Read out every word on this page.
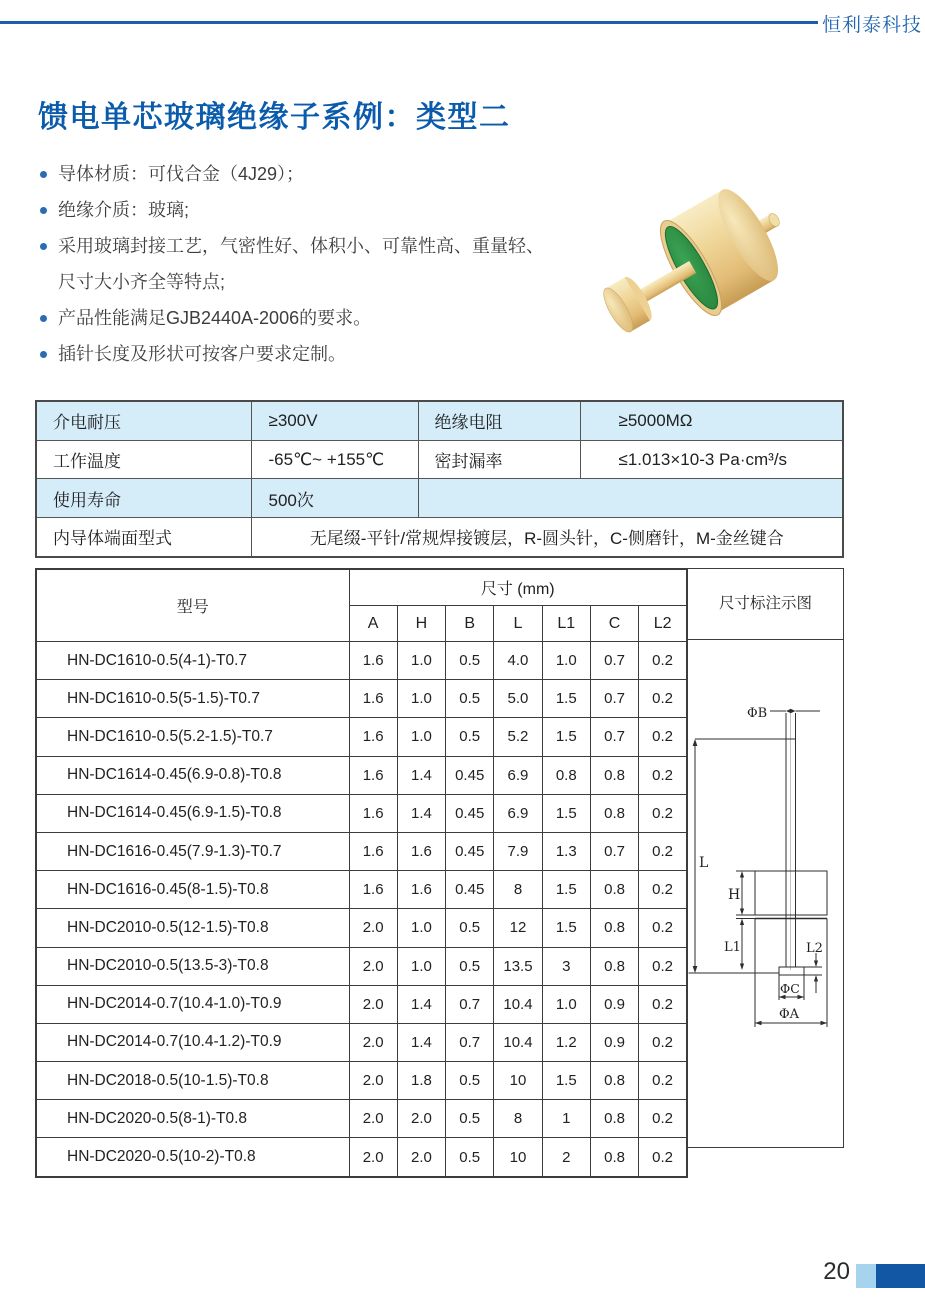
恒利泰科技
馈电单芯玻璃绝缘子系例：类型二
导体材质：可伐合金（4J29）；
绝缘介质：玻璃;
采用玻璃封接工艺，气密性好、体积小、可靠性高、重量轻、
尺寸大小齐全等特点;
产品性能满足GJB2440A-2006的要求。
插针长度及形状可按客户要求定制。
介电耐压	≥300V	绝缘电阻	≥5000MΩ
工作温度	-65℃~ +155℃	密封漏率	≤1.013×10-3 Pa·cm³/s
使用寿命	500次		
内导体端面型式	无尾缀-平针/常规焊接镀层，R-圆头针，C-侧磨针，M-金丝键合		
型号	尺寸 (mm)						
	A	H	B	L	L1	C	L2
HN-DC1610-0.5(4-1)-T0.7	1.6	1.0	0.5	4.0	1.0	0.7	0.2
HN-DC1610-0.5(5-1.5)-T0.7	1.6	1.0	0.5	5.0	1.5	0.7	0.2
HN-DC1610-0.5(5.2-1.5)-T0.7	1.6	1.0	0.5	5.2	1.5	0.7	0.2
HN-DC1614-0.45(6.9-0.8)-T0.8	1.6	1.4	0.45	6.9	0.8	0.8	0.2
HN-DC1614-0.45(6.9-1.5)-T0.8	1.6	1.4	0.45	6.9	1.5	0.8	0.2
HN-DC1616-0.45(7.9-1.3)-T0.7	1.6	1.6	0.45	7.9	1.3	0.7	0.2
HN-DC1616-0.45(8-1.5)-T0.8	1.6	1.6	0.45	8	1.5	0.8	0.2
HN-DC2010-0.5(12-1.5)-T0.8	2.0	1.0	0.5	12	1.5	0.8	0.2
HN-DC2010-0.5(13.5-3)-T0.8	2.0	1.0	0.5	13.5	3	0.8	0.2
HN-DC2014-0.7(10.4-1.0)-T0.9	2.0	1.4	0.7	10.4	1.0	0.9	0.2
HN-DC2014-0.7(10.4-1.2)-T0.9	2.0	1.4	0.7	10.4	1.2	0.9	0.2
HN-DC2018-0.5(10-1.5)-T0.8	2.0	1.8	0.5	10	1.5	0.8	0.2
HN-DC2020-0.5(8-1)-T0.8	2.0	2.0	0.5	8	1	0.8	0.2
HN-DC2020-0.5(10-2)-T0.8	2.0	2.0	0.5	10	2	0.8	0.2
尺寸标注示图
ΦB
L
H
L1	L2
ΦC
ΦA
20
